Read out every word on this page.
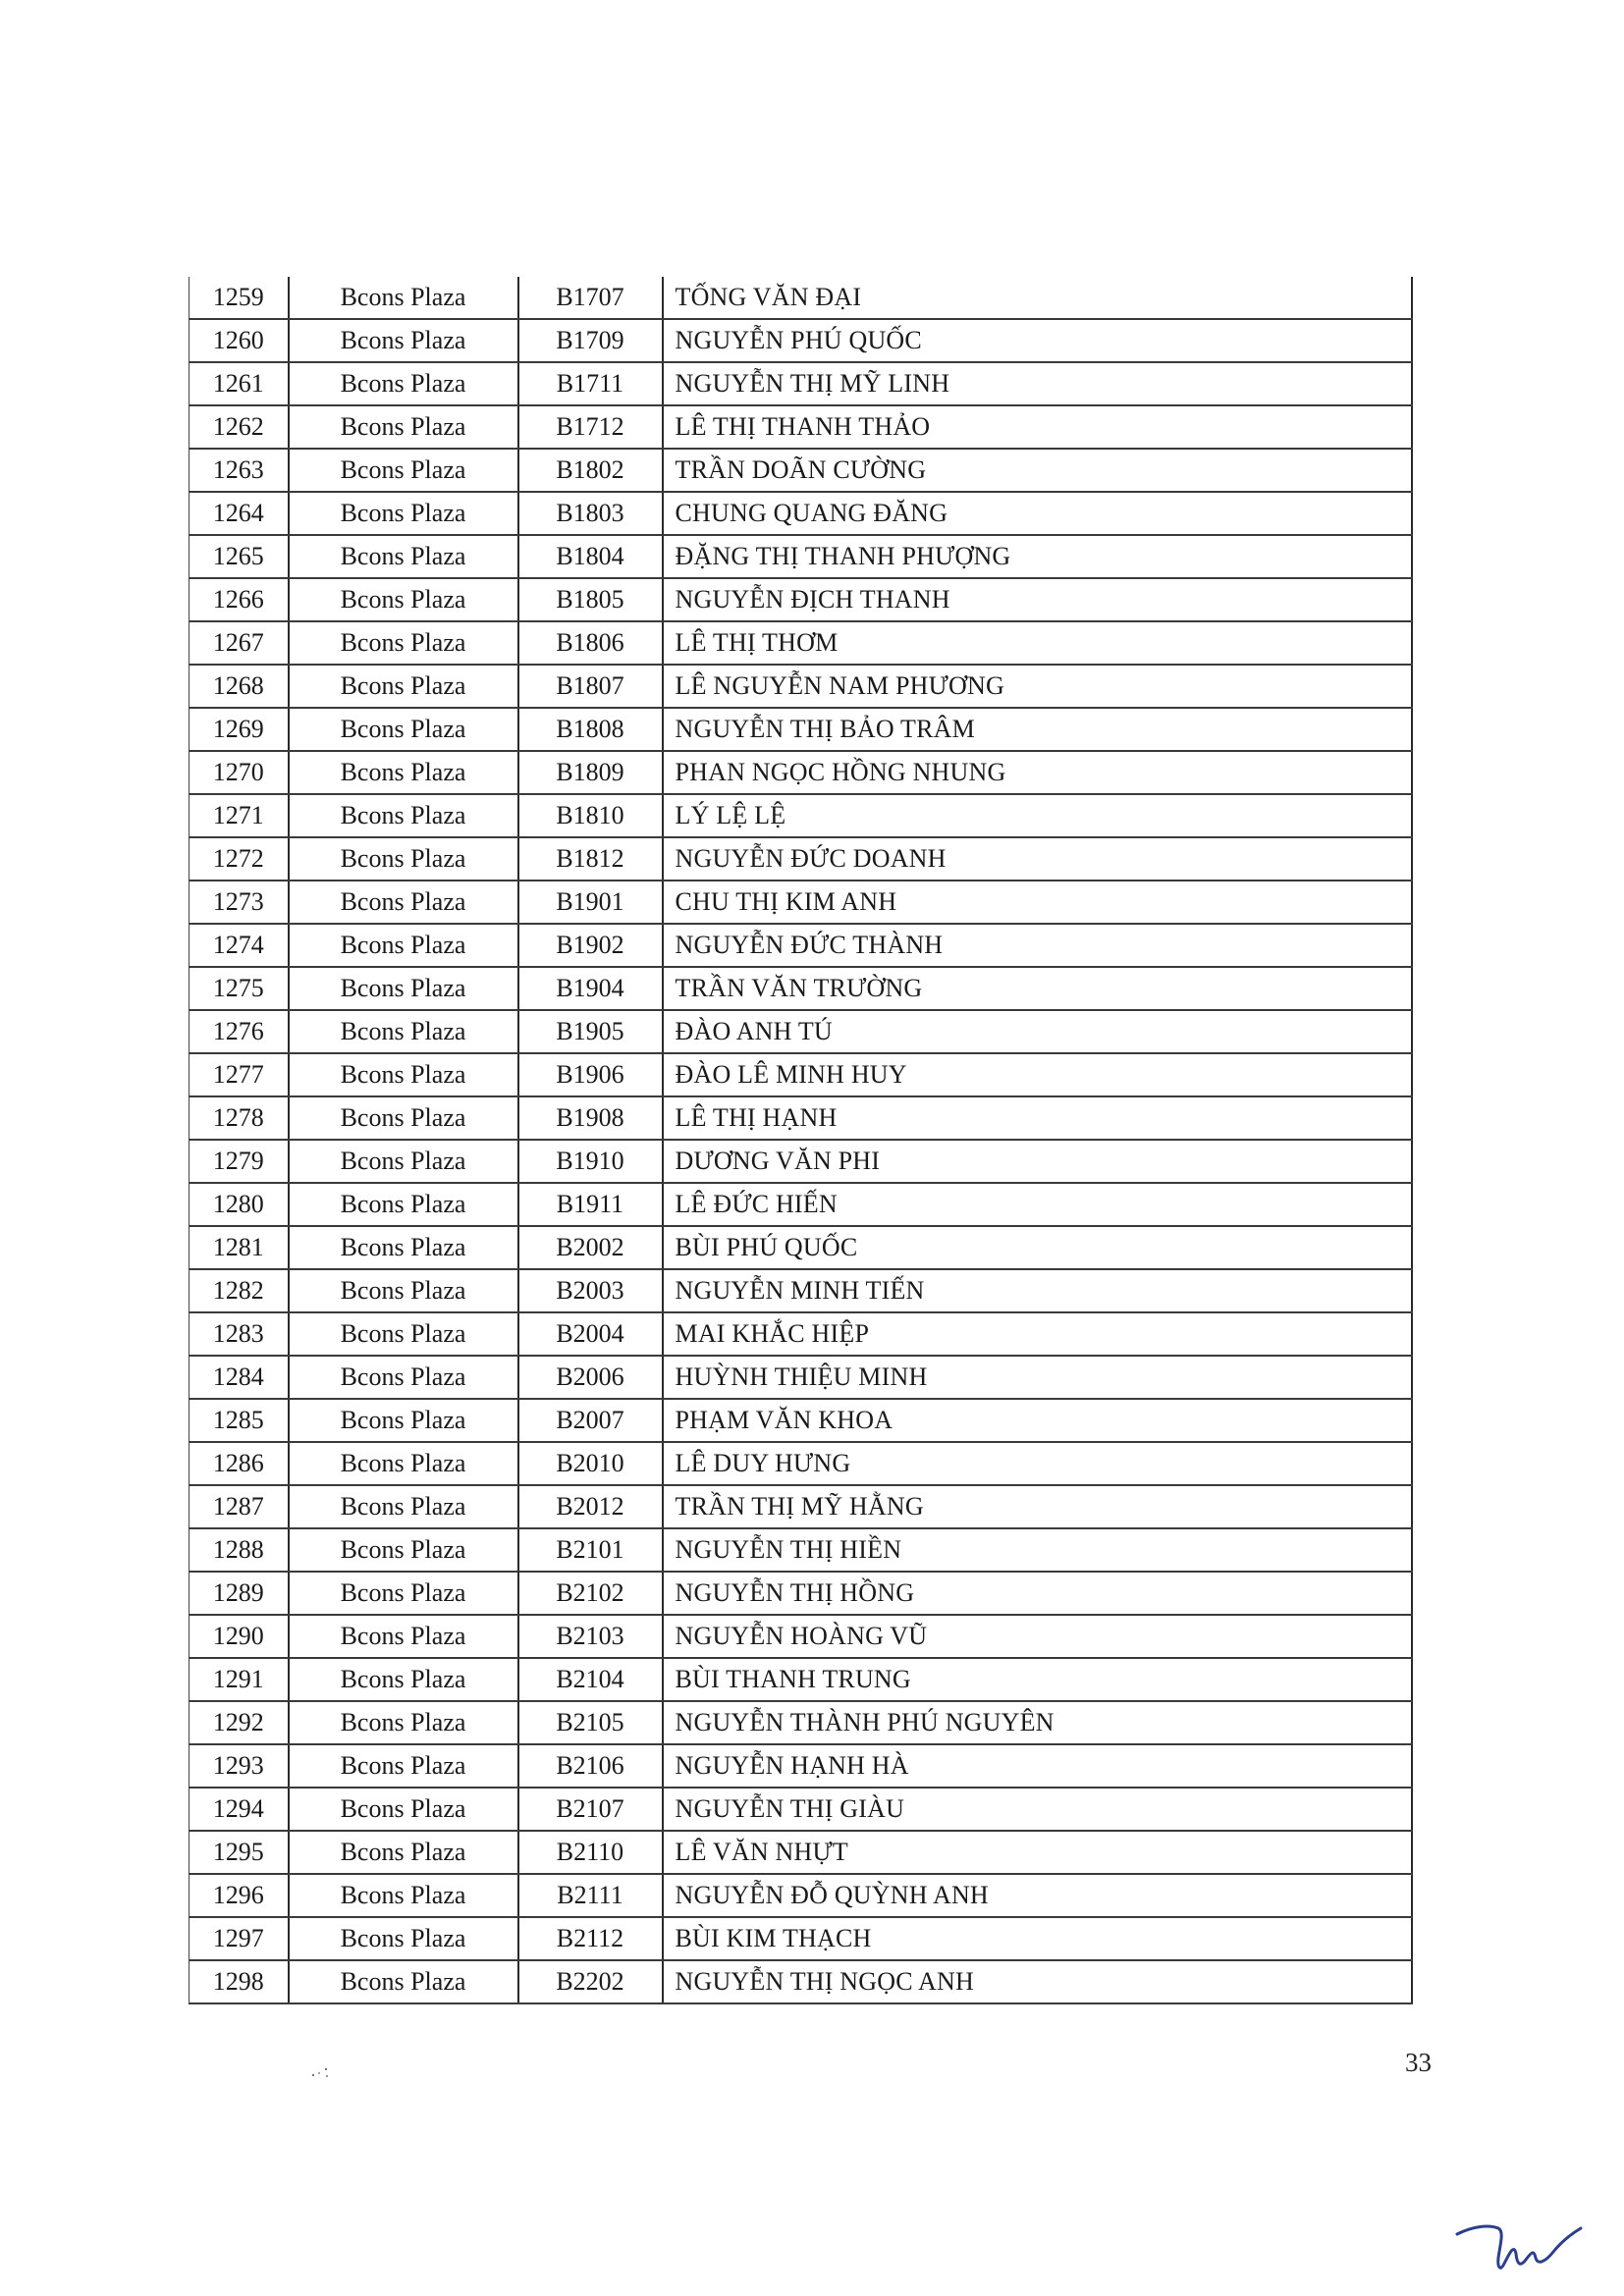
1259	Bcons Plaza	B1707	TỐNG VĂN ĐẠI
1260	Bcons Plaza	B1709	NGUYỄN PHÚ QUỐC
1261	Bcons Plaza	B1711	NGUYỄN THỊ MỸ LINH
1262	Bcons Plaza	B1712	LÊ THỊ THANH THẢO
1263	Bcons Plaza	B1802	TRẦN DOÃN CƯỜNG
1264	Bcons Plaza	B1803	CHUNG QUANG ĐĂNG
1265	Bcons Plaza	B1804	ĐẶNG THỊ THANH PHƯỢNG
1266	Bcons Plaza	B1805	NGUYỄN ĐỊCH THANH
1267	Bcons Plaza	B1806	LÊ THỊ THƠM
1268	Bcons Plaza	B1807	LÊ NGUYỄN NAM PHƯƠNG
1269	Bcons Plaza	B1808	NGUYỄN THỊ BẢO TRÂM
1270	Bcons Plaza	B1809	PHAN NGỌC HỒNG NHUNG
1271	Bcons Plaza	B1810	LÝ LỆ LỆ
1272	Bcons Plaza	B1812	NGUYỄN ĐỨC DOANH
1273	Bcons Plaza	B1901	CHU THỊ KIM ANH
1274	Bcons Plaza	B1902	NGUYỄN ĐỨC THÀNH
1275	Bcons Plaza	B1904	TRẦN VĂN TRƯỜNG
1276	Bcons Plaza	B1905	ĐÀO ANH TÚ
1277	Bcons Plaza	B1906	ĐÀO LÊ MINH HUY
1278	Bcons Plaza	B1908	LÊ THỊ HẠNH
1279	Bcons Plaza	B1910	DƯƠNG VĂN PHI
1280	Bcons Plaza	B1911	LÊ ĐỨC HIẾN
1281	Bcons Plaza	B2002	BÙI PHÚ QUỐC
1282	Bcons Plaza	B2003	NGUYỄN MINH TIẾN
1283	Bcons Plaza	B2004	MAI KHẮC HIỆP
1284	Bcons Plaza	B2006	HUỲNH THIỆU MINH
1285	Bcons Plaza	B2007	PHẠM VĂN KHOA
1286	Bcons Plaza	B2010	LÊ DUY HƯNG
1287	Bcons Plaza	B2012	TRẦN THỊ MỸ HẰNG
1288	Bcons Plaza	B2101	NGUYỄN THỊ HIỀN
1289	Bcons Plaza	B2102	NGUYỄN THỊ HỒNG
1290	Bcons Plaza	B2103	NGUYỄN HOÀNG VŨ
1291	Bcons Plaza	B2104	BÙI THANH TRUNG
1292	Bcons Plaza	B2105	NGUYỄN THÀNH PHÚ NGUYÊN
1293	Bcons Plaza	B2106	NGUYỄN HẠNH HÀ
1294	Bcons Plaza	B2107	NGUYỄN THỊ GIÀU
1295	Bcons Plaza	B2110	LÊ VĂN NHỰT
1296	Bcons Plaza	B2111	NGUYỄN ĐỖ QUỲNH ANH
1297	Bcons Plaza	B2112	BÙI KIM THẠCH
1298	Bcons Plaza	B2202	NGUYỄN THỊ NGỌC ANH
33
